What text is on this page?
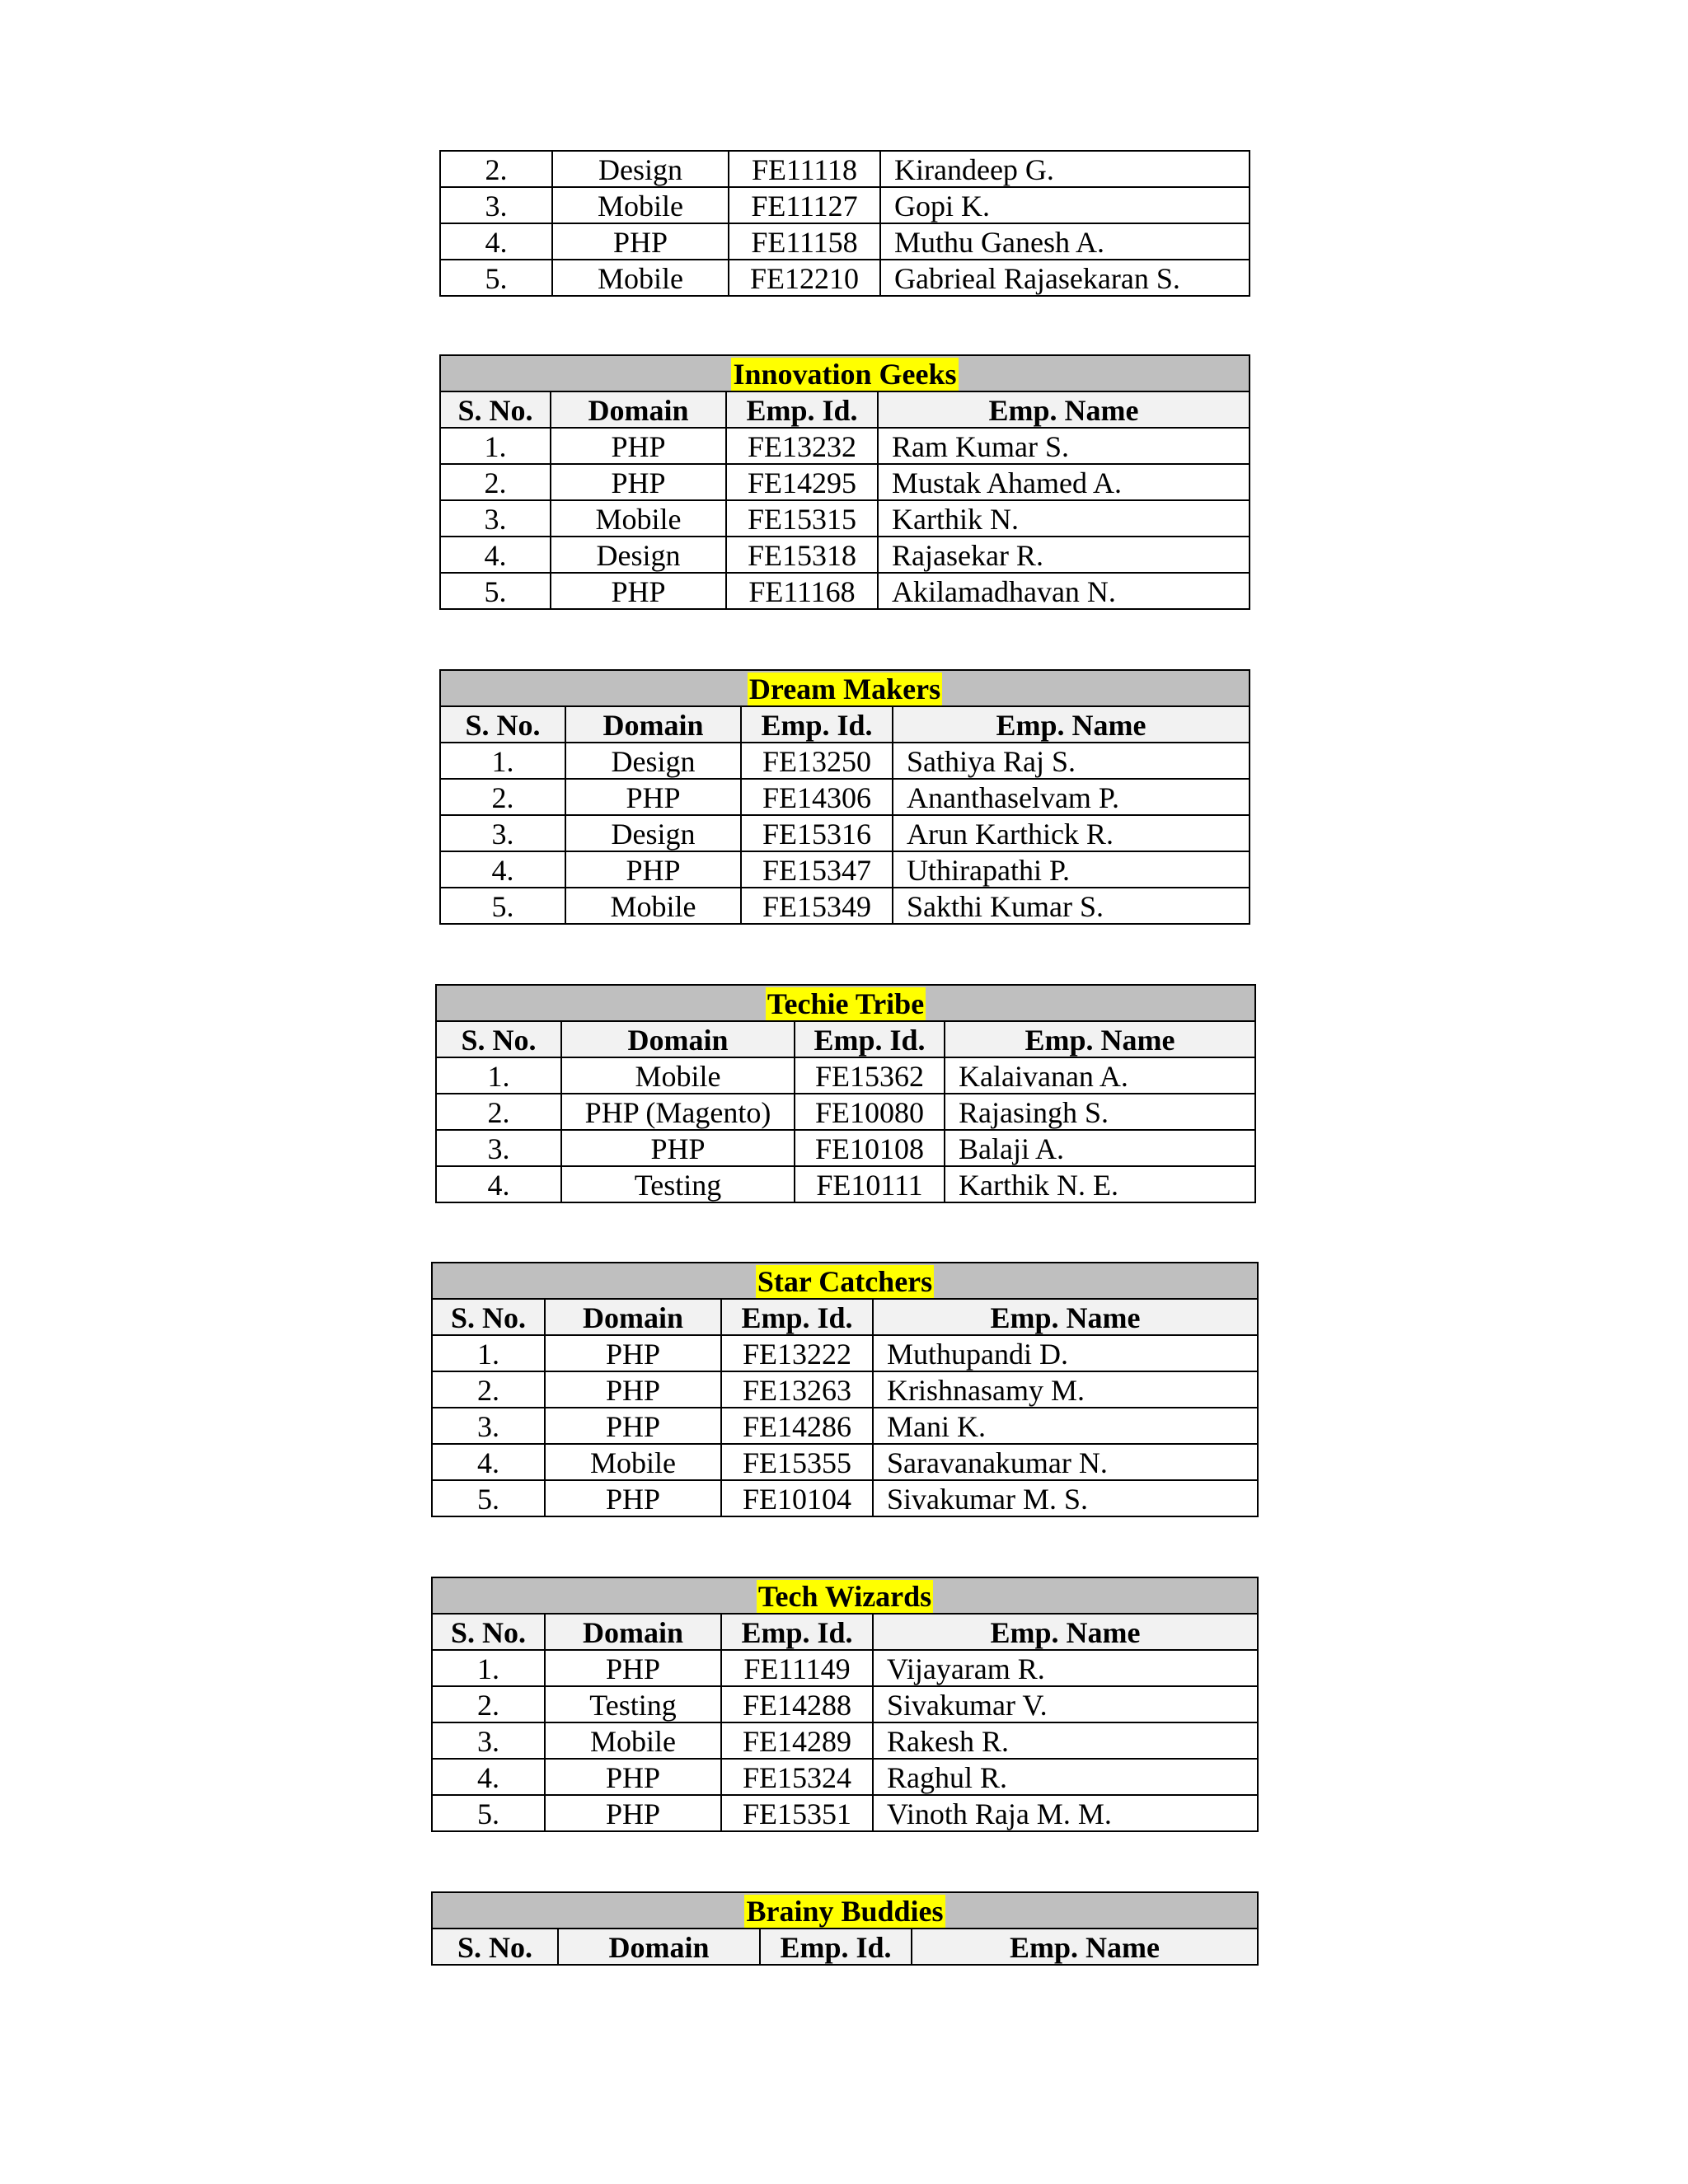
2.	Design	FE11118	Kirandeep G.
3.	Mobile	FE11127	Gopi K.
4.	PHP	FE11158	Muthu Ganesh A.
5.	Mobile	FE12210	Gabrieal Rajasekaran S.
Innovation Geeks			
S. No.	Domain	Emp. Id.	Emp. Name
1.	PHP	FE13232	Ram Kumar S.
2.	PHP	FE14295	Mustak Ahamed A.
3.	Mobile	FE15315	Karthik N.
4.	Design	FE15318	Rajasekar R.
5.	PHP	FE11168	Akilamadhavan N.
Dream Makers			
S. No.	Domain	Emp. Id.	Emp. Name
1.	Design	FE13250	Sathiya Raj S.
2.	PHP	FE14306	Ananthaselvam P.
3.	Design	FE15316	Arun Karthick R.
4.	PHP	FE15347	Uthirapathi P.
5.	Mobile	FE15349	Sakthi Kumar S.
Techie Tribe			
S. No.	Domain	Emp. Id.	Emp. Name
1.	Mobile	FE15362	Kalaivanan A.
2.	PHP (Magento)	FE10080	Rajasingh S.
3.	PHP	FE10108	Balaji A.
4.	Testing	FE10111	Karthik N. E.
Star Catchers			
S. No.	Domain	Emp. Id.	Emp. Name
1.	PHP	FE13222	Muthupandi D.
2.	PHP	FE13263	Krishnasamy M.
3.	PHP	FE14286	Mani K.
4.	Mobile	FE15355	Saravanakumar N.
5.	PHP	FE10104	Sivakumar M. S.
Tech Wizards			
S. No.	Domain	Emp. Id.	Emp. Name
1.	PHP	FE11149	Vijayaram R.
2.	Testing	FE14288	Sivakumar V.
3.	Mobile	FE14289	Rakesh R.
4.	PHP	FE15324	Raghul R.
5.	PHP	FE15351	Vinoth Raja M. M.
Brainy Buddies
S. No.	Domain	Emp. Id.	Emp. Name
